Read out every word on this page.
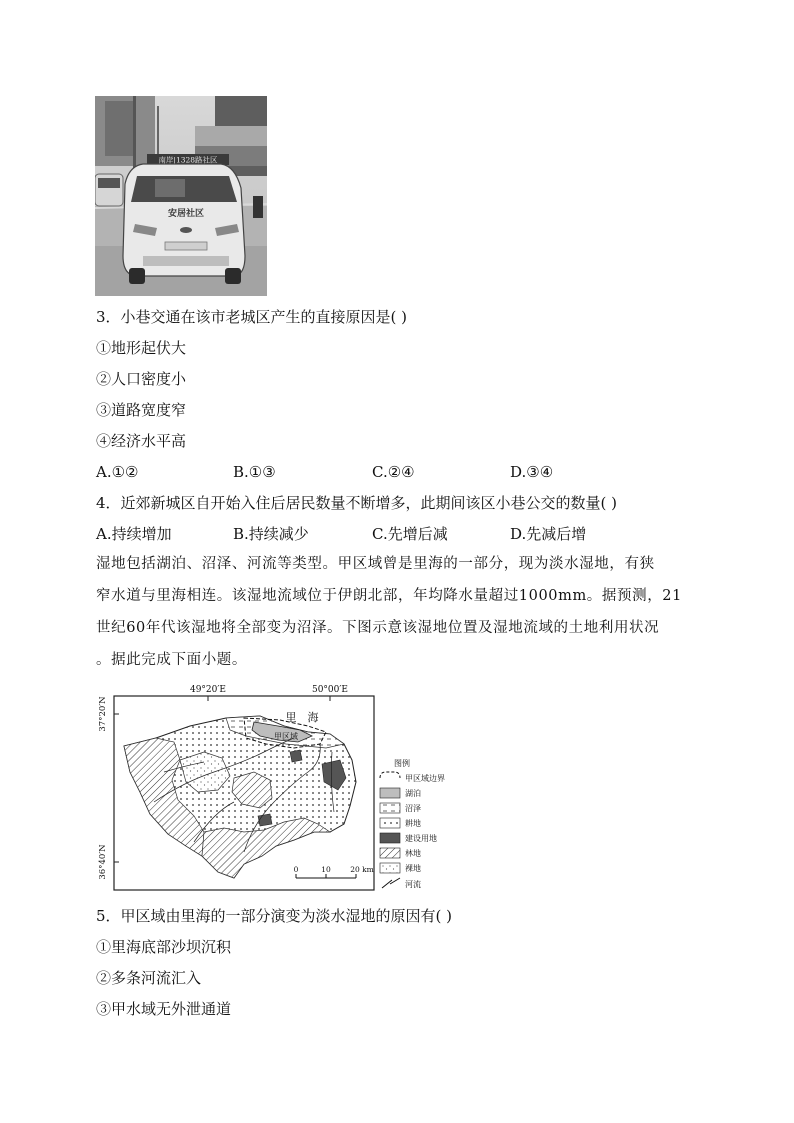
南岸|1328路社区
安居社区
3．小巷交通在该市老城区产生的直接原因是( )
①地形起伏大
②人口密度小
③道路宽度窄
④经济水平高
A.①②	B.①③	C.②④	D.③④
4．近郊新城区自开始入住后居民数量不断增多，此期间该区小巷公交的数量( )
A.持续增加	B.持续减少	C.先增后减	D.先减后增
湿地包括湖泊、沼泽、河流等类型。甲区域曾是里海的一部分，现为淡水湿地，有狭
窄水道与里海相连。该湿地流域位于伊朗北部，年均降水量超过1000mm。据预测，21
世纪60年代该湿地将全部变为沼泽。下图示意该湿地位置及湿地流域的土地利用状况
。据此完成下面小题。
49°20′E	50°00′E
37°20′N
36°40′N
里　海
甲区域
0	10	20 km
图例
甲区域边界
湖泊
沼泽
耕地
建设用地
林地
裸地
河流
5．甲区域由里海的一部分演变为淡水湿地的原因有( )
①里海底部沙坝沉积
②多条河流汇入
③甲水域无外泄通道
